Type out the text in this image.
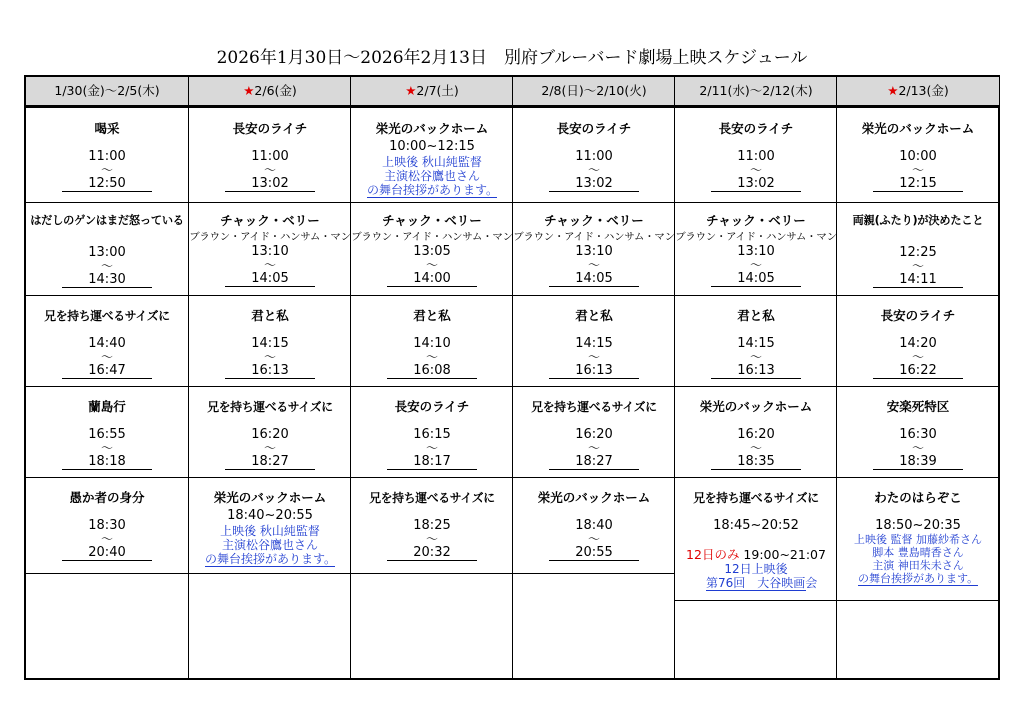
2026年1月30日～2026年2月13日　別府ブルーバード劇場上映スケジュール
1/30(金)～2/5(木)
喝采
11:00
～
12:50
はだしのゲンはまだ怒っている
13:00
～
14:30
兄を持ち運べるサイズに
14:40
～
16:47
蘭島行
16:55
～
18:18
愚か者の身分
18:30
～
20:40
★2/6(金)
長安のライチ
11:00
～
13:02
チャック・ベリー
ブラウン・アイド・ハンサム・マン
13:10
～
14:05
君と私
14:15
～
16:13
兄を持ち運べるサイズに
16:20
～
18:27
栄光のバックホーム
18:40~20:55
上映後 秋山純監督
主演松谷鷹也さん
の舞台挨拶があります。
★2/7(土)
栄光のバックホーム
10:00~12:15
上映後 秋山純監督
主演松谷鷹也さん
の舞台挨拶があります。
チャック・ベリー
ブラウン・アイド・ハンサム・マン
13:05
～
14:00
君と私
14:10
～
16:08
長安のライチ
16:15
～
18:17
兄を持ち運べるサイズに
18:25
～
20:32
2/8(日)～2/10(火)
長安のライチ
11:00
～
13:02
チャック・ベリー
ブラウン・アイド・ハンサム・マン
13:10
～
14:05
君と私
14:15
～
16:13
兄を持ち運べるサイズに
16:20
～
18:27
栄光のバックホーム
18:40
～
20:55
2/11(水)～2/12(木)
長安のライチ
11:00
～
13:02
チャック・ベリー
ブラウン・アイド・ハンサム・マン
13:10
～
14:05
君と私
14:15
～
16:13
栄光のバックホーム
16:20
～
18:35
兄を持ち運べるサイズに
18:45~20:52
12日のみ 19:00~21:07
12日上映後
第76回　大谷映画会
★2/13(金)
栄光のバックホーム
10:00
～
12:15
両親(ふたり)が決めたこと
12:25
～
14:11
長安のライチ
14:20
～
16:22
安楽死特区
16:30
～
18:39
わたのはらぞこ
18:50~20:35
上映後 監督 加藤紗希さん
脚本 豊島晴香さん
主演 神田朱未さん
の舞台挨拶があります。
